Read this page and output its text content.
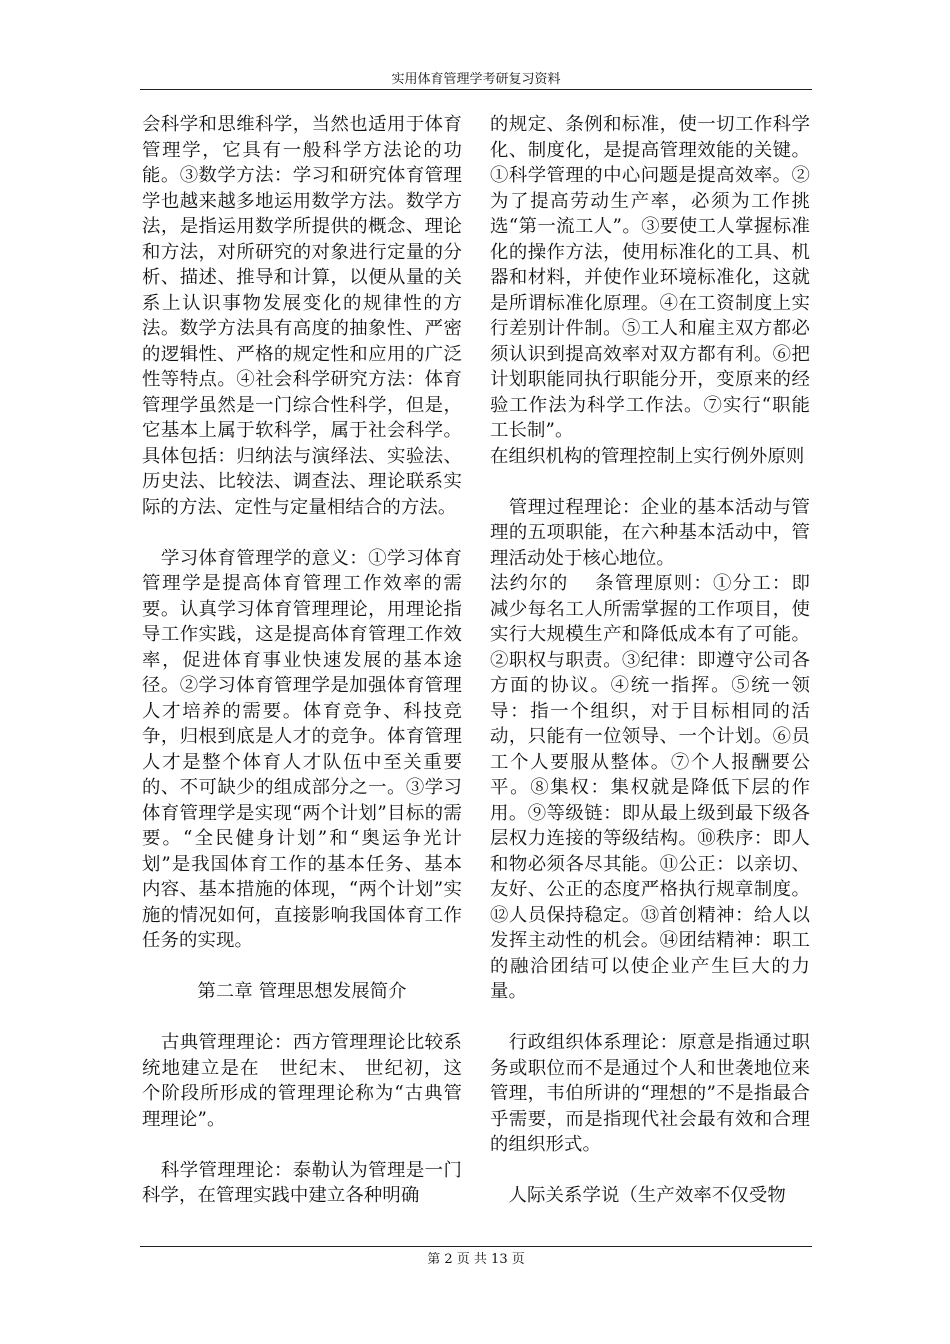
实用体育管理学考研复习资料

会科学和思维科学，当然也适用于体育管理学，它具有一般科学方法论的功能。③数学方法：学习和研究体育管理学也越来越多地运用数学方法。数学方法，是指运用数学所提供的概念、理论和方法，对所研究的对象进行定量的分析、描述、推导和计算，以便从量的关系上认识事物发展变化的规律性的方法。数学方法具有高度的抽象性、严密的逻辑性、严格的规定性和应用的广泛性等特点。④社会科学研究方法：体育管理学虽然是一门综合性科学，但是，它基本上属于软科学，属于社会科学。具体包括：归纳法与演绎法、实验法、历史法、比较法、调查法、理论联系实际的方法、定性与定量相结合的方法。

　学习体育管理学的意义：①学习体育管理学是提高体育管理工作效率的需要。认真学习体育管理理论，用理论指导工作实践，这是提高体育管理工作效率，促进体育事业快速发展的基本途径。②学习体育管理学是加强体育管理人才培养的需要。体育竞争、科技竞争，归根到底是人才的竞争。体育管理人才是整个体育人才队伍中至关重要的、不可缺少的组成部分之一。③学习体育管理学是实现“两个计划”目标的需要。“全民健身计划”和“奥运争光计划”是我国体育工作的基本任务、基本内容、基本措施的体现，“两个计划”实施的情况如何，直接影响我国体育工作任务的实现。

第二章 管理思想发展简介

　古典管理理论：西方管理理论比较系统地建立是在　世纪末、 世纪初，这个阶段所形成的管理理论称为“古典管理理论”。

　科学管理理论：泰勒认为管理是一门科学，在管理实践中建立各种明确

的规定、条例和标准，使一切工作科学化、制度化，是提高管理效能的关键。①科学管理的中心问题是提高效率。②为了提高劳动生产率，必须为工作挑选“第一流工人”。③要使工人掌握标准化的操作方法，使用标准化的工具、机器和材料，并使作业环境标准化，这就是所谓标准化原理。④在工资制度上实行差别计件制。⑤工人和雇主双方都必须认识到提高效率对双方都有利。⑥把计划职能同执行职能分开，变原来的经验工作法为科学工作法。⑦实行“职能工长制”。

在组织机构的管理控制上实行例外原则

　管理过程理论：企业的基本活动与管理的五项职能，在六种基本活动中，管理活动处于核心地位。

法约尔的　 条管理原则：①分工：即减少每名工人所需掌握的工作项目，使实行大规模生产和降低成本有了可能。②职权与职责。③纪律：即遵守公司各方面的协议。④统一指挥。⑤统一领导：指一个组织，对于目标相同的活动，只能有一位领导、一个计划。⑥员工个人要服从整体。⑦个人报酬要公平。⑧集权：集权就是降低下层的作用。⑨等级链：即从最上级到最下级各层权力连接的等级结构。⑩秩序：即人和物必须各尽其能。⑪公正：以亲切、友好、公正的态度严格执行规章制度。⑫人员保持稳定。⑬首创精神：给人以发挥主动性的机会。⑭团结精神：职工的融洽团结可以使企业产生巨大的力量。

　行政组织体系理论：原意是指通过职务或职位而不是通过个人和世袭地位来管理，韦伯所讲的“理想的”不是指最合乎需要，而是指现代社会最有效和合理的组织形式。

　人际关系学说（生产效率不仅受物

第 2 页 共 13 页
